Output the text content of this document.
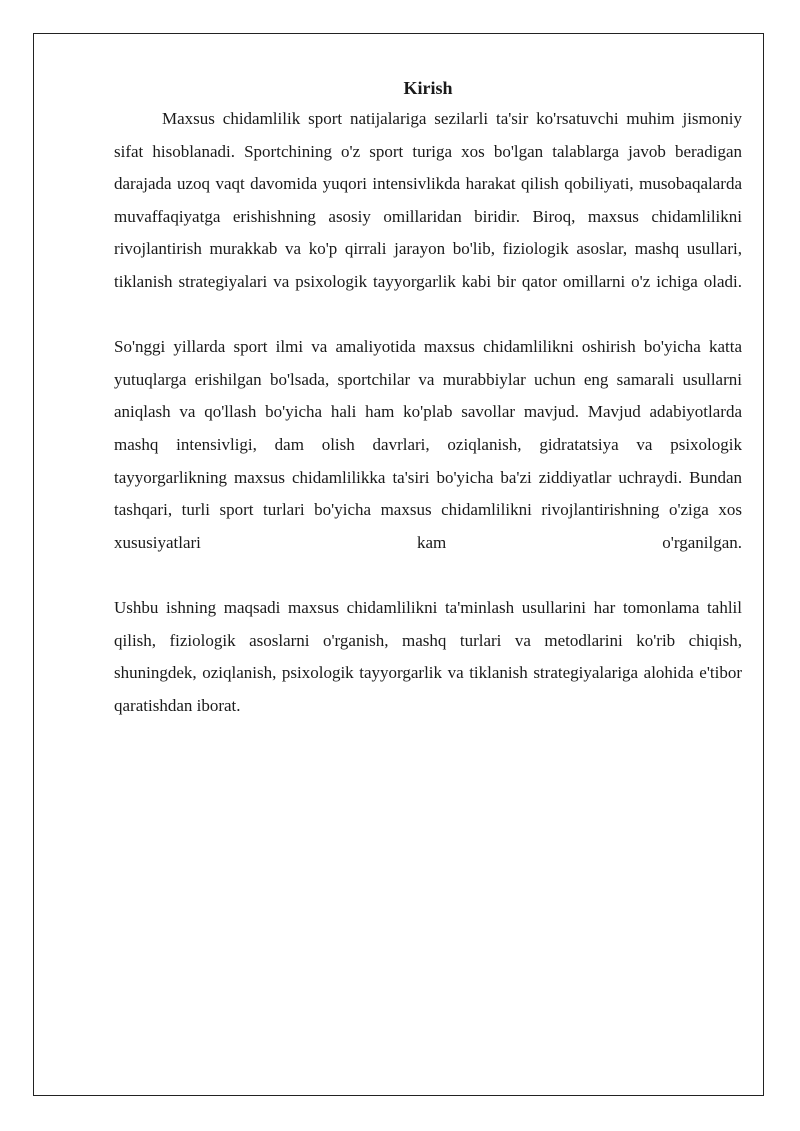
Kirish

Maxsus chidamlilik sport natijalariga sezilarli ta'sir ko'rsatuvchi muhim jismoniy sifat hisoblanadi. Sportchining o'z sport turiga xos bo'lgan talablarga javob beradigan darajada uzoq vaqt davomida yuqori intensivlikda harakat qilish qobiliyati, musobaqalarda muvaffaqiyatga erishishning asosiy omillaridan biridir. Biroq, maxsus chidamlilikni rivojlantirish murakkab va ko'p qirrali jarayon bo'lib, fiziologik asoslar, mashq usullari, tiklanish strategiyalari va psixologik tayyorgarlik kabi bir qator omillarni o'z ichiga oladi.

So'nggi yillarda sport ilmi va amaliyotida maxsus chidamlilikni oshirish bo'yicha katta yutuqlarga erishilgan bo'lsada, sportchilar va murabbiylar uchun eng samarali usullarni aniqlash va qo'llash bo'yicha hali ham ko'plab savollar mavjud. Mavjud adabiyotlarda mashq intensivligi, dam olish davrlari, oziqlanish, gidratatsiya va psixologik tayyorgarlikning maxsus chidamlilikka ta'siri bo'yicha ba'zi ziddiyatlar uchraydi. Bundan tashqari, turli sport turlari bo'yicha maxsus chidamlilikni rivojlantirishning o'ziga xos xususiyatlari kam o'rganilgan.

Ushbu ishning maqsadi maxsus chidamlilikni ta'minlash usullarini har tomonlama tahlil qilish, fiziologik asoslarni o'rganish, mashq turlari va metodlarini ko'rib chiqish, shuningdek, oziqlanish, psixologik tayyorgarlik va tiklanish strategiyalariga alohida e'tibor qaratishdan iborat.
